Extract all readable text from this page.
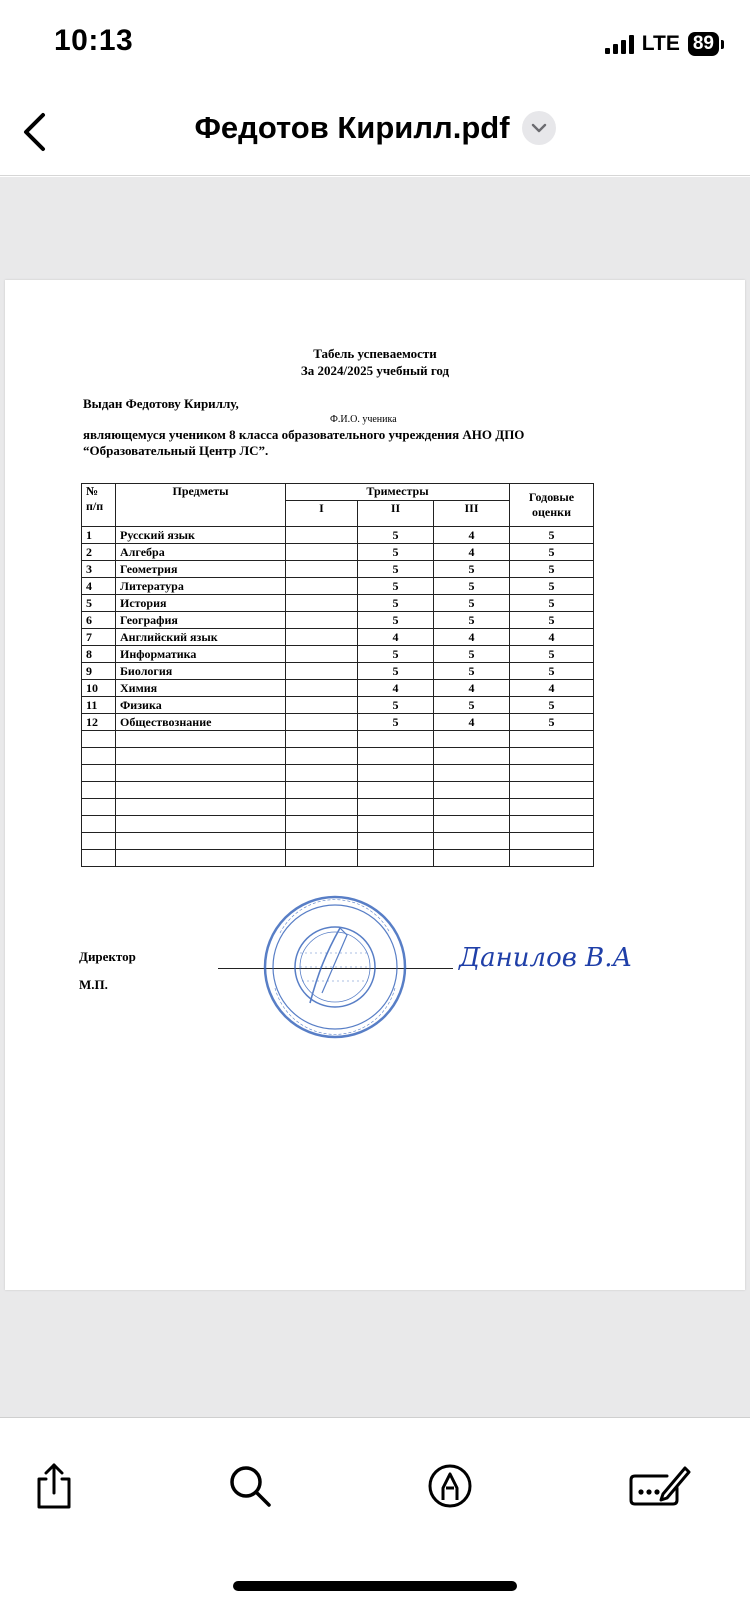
10:13	LTE 89
Федотов Кирилл.pdf
Табель успеваемости
За 2024/2025 учебный год
Выдан Федотову Кириллу,
Ф.И.О. ученика
являющемуся учеником 8 класса образовательного учреждения АНО ДПО
“Образовательный Центр ЛС”.
№ п/п	Предметы	Триместры			Годовые оценки
		I	II	III	
1	Русский язык		5	4	5
2	Алгебра		5	4	5
3	Геометрия		5	5	5
4	Литература		5	5	5
5	История		5	5	5
6	География		5	5	5
7	Английский язык		4	4	4
8	Информатика		5	5	5
9	Биология		5	5	5
10	Химия		4	4	4
11	Физика		5	5	5
12	Обществознание		5	4	5

Директор
М.П.
Данилов В.А
